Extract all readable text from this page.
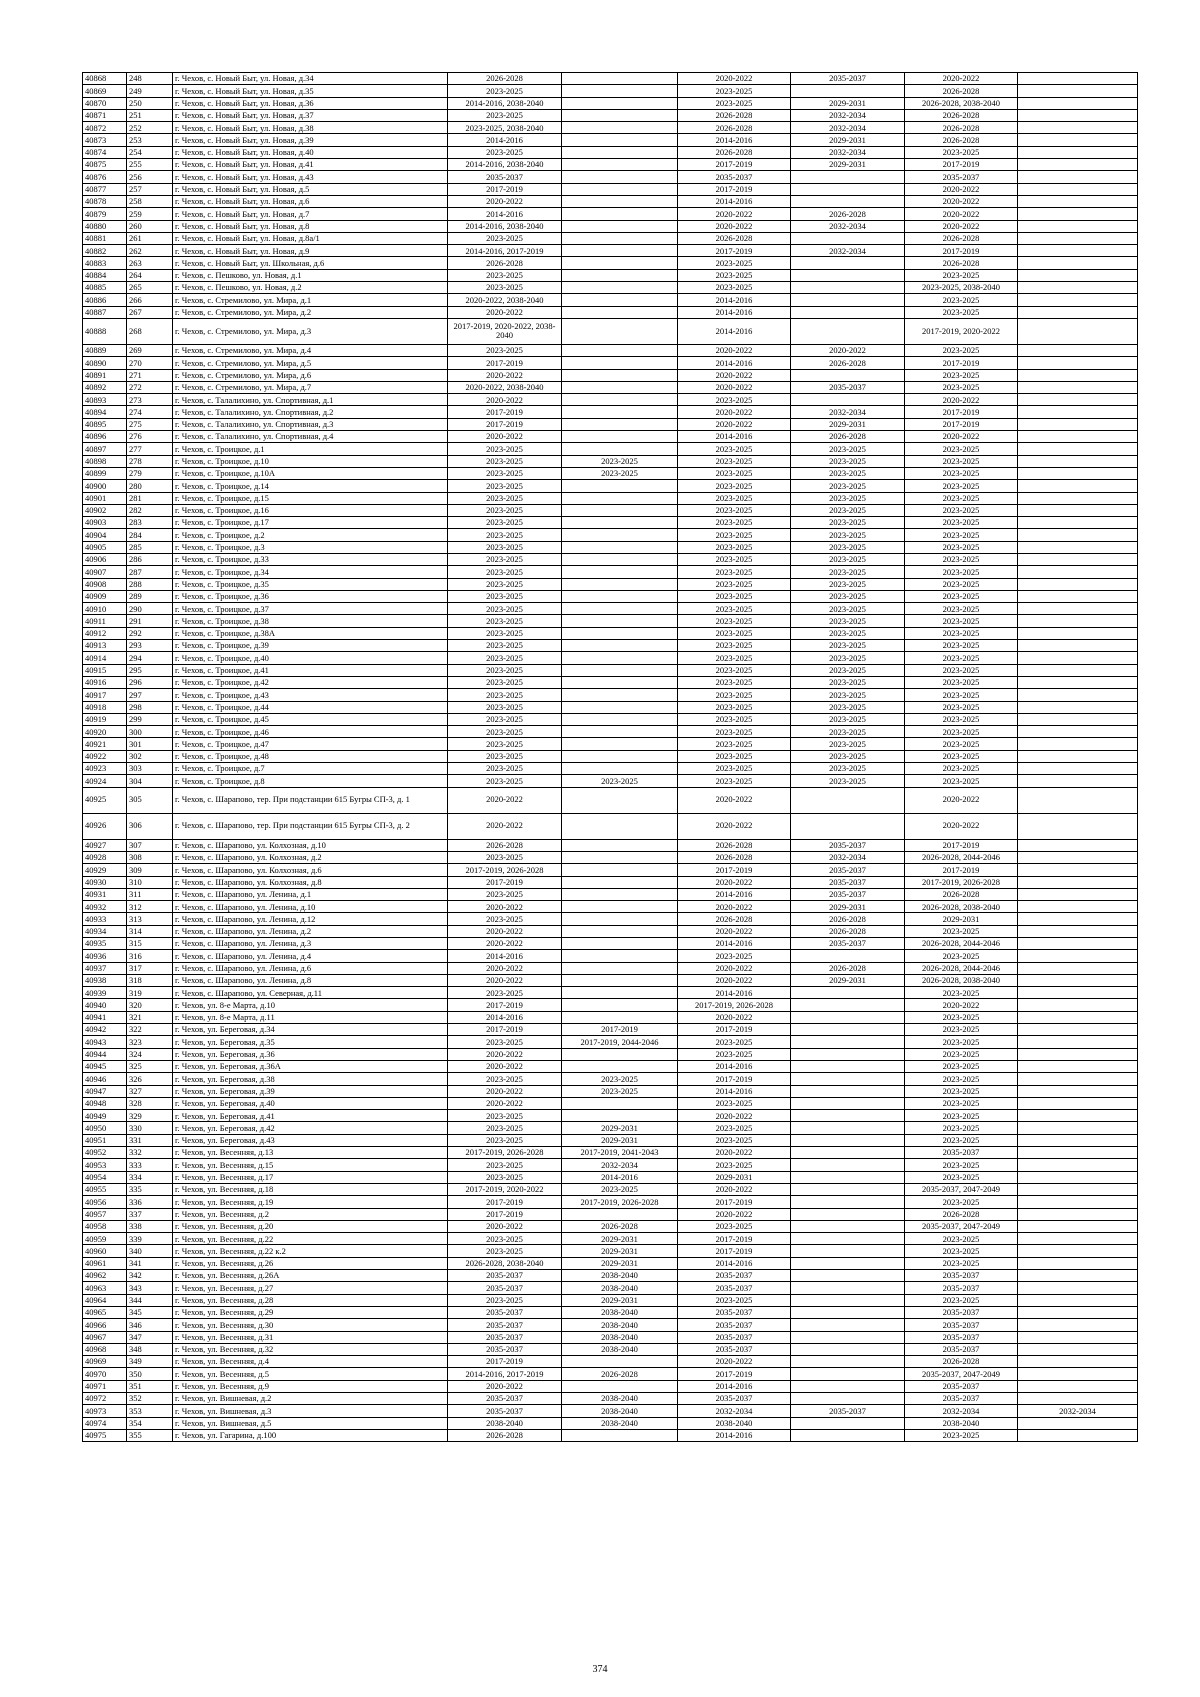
40868	248	г. Чехов, с. Новый Быт, ул. Новая, д.34	2026-2028		2020-2022	2035-2037	2020-2022	
40869	249	г. Чехов, с. Новый Быт, ул. Новая, д.35	2023-2025		2023-2025		2026-2028	
40870	250	г. Чехов, с. Новый Быт, ул. Новая, д.36	2014-2016, 2038-2040		2023-2025	2029-2031	2026-2028, 2038-2040	
40871	251	г. Чехов, с. Новый Быт, ул. Новая, д.37	2023-2025		2026-2028	2032-2034	2026-2028	
40872	252	г. Чехов, с. Новый Быт, ул. Новая, д.38	2023-2025, 2038-2040		2026-2028	2032-2034	2026-2028	
40873	253	г. Чехов, с. Новый Быт, ул. Новая, д.39	2014-2016		2014-2016	2029-2031	2026-2028	
40874	254	г. Чехов, с. Новый Быт, ул. Новая, д.40	2023-2025		2026-2028	2032-2034	2023-2025	
40875	255	г. Чехов, с. Новый Быт, ул. Новая, д.41	2014-2016, 2038-2040		2017-2019	2029-2031	2017-2019	
40876	256	г. Чехов, с. Новый Быт, ул. Новая, д.43	2035-2037		2035-2037		2035-2037	
40877	257	г. Чехов, с. Новый Быт, ул. Новая, д.5	2017-2019		2017-2019		2020-2022	
40878	258	г. Чехов, с. Новый Быт, ул. Новая, д.6	2020-2022		2014-2016		2020-2022	
40879	259	г. Чехов, с. Новый Быт, ул. Новая, д.7	2014-2016		2020-2022	2026-2028	2020-2022	
40880	260	г. Чехов, с. Новый Быт, ул. Новая, д.8	2014-2016, 2038-2040		2020-2022	2032-2034	2020-2022	
40881	261	г. Чехов, с. Новый Быт, ул. Новая, д.8а/1	2023-2025		2026-2028		2026-2028	
40882	262	г. Чехов, с. Новый Быт, ул. Новая, д.9	2014-2016, 2017-2019		2017-2019	2032-2034	2017-2019	
40883	263	г. Чехов, с. Новый Быт, ул. Школьная, д.6	2026-2028		2023-2025		2026-2028	
40884	264	г. Чехов, с. Пешково, ул. Новая, д.1	2023-2025		2023-2025		2023-2025	
40885	265	г. Чехов, с. Пешково, ул. Новая, д.2	2023-2025		2023-2025		2023-2025, 2038-2040	
40886	266	г. Чехов, с. Стремилово, ул. Мира, д.1	2020-2022, 2038-2040		2014-2016		2023-2025	
40887	267	г. Чехов, с. Стремилово, ул. Мира, д.2	2020-2022		2014-2016		2023-2025	
40888	268	г. Чехов, с. Стремилово, ул. Мира, д.3	2017-2019, 2020-2022, 2038-2040		2014-2016		2017-2019, 2020-2022	
40889	269	г. Чехов, с. Стремилово, ул. Мира, д.4	2023-2025		2020-2022	2020-2022	2023-2025	
40890	270	г. Чехов, с. Стремилово, ул. Мира, д.5	2017-2019		2014-2016	2026-2028	2017-2019	
40891	271	г. Чехов, с. Стремилово, ул. Мира, д.6	2020-2022		2020-2022		2023-2025	
40892	272	г. Чехов, с. Стремилово, ул. Мира, д.7	2020-2022, 2038-2040		2020-2022	2035-2037	2023-2025	
40893	273	г. Чехов, с. Талалихино, ул. Спортивная, д.1	2020-2022		2023-2025		2020-2022	
40894	274	г. Чехов, с. Талалихино, ул. Спортивная, д.2	2017-2019		2020-2022	2032-2034	2017-2019	
40895	275	г. Чехов, с. Талалихино, ул. Спортивная, д.3	2017-2019		2020-2022	2029-2031	2017-2019	
40896	276	г. Чехов, с. Талалихино, ул. Спортивная, д.4	2020-2022		2014-2016	2026-2028	2020-2022	
40897	277	г. Чехов, с. Троицкое, д.1	2023-2025		2023-2025	2023-2025	2023-2025	
40898	278	г. Чехов, с. Троицкое, д.10	2023-2025	2023-2025	2023-2025	2023-2025	2023-2025	
40899	279	г. Чехов, с. Троицкое, д.10А	2023-2025	2023-2025	2023-2025	2023-2025	2023-2025	
40900	280	г. Чехов, с. Троицкое, д.14	2023-2025		2023-2025	2023-2025	2023-2025	
40901	281	г. Чехов, с. Троицкое, д.15	2023-2025		2023-2025	2023-2025	2023-2025	
40902	282	г. Чехов, с. Троицкое, д.16	2023-2025		2023-2025	2023-2025	2023-2025	
40903	283	г. Чехов, с. Троицкое, д.17	2023-2025		2023-2025	2023-2025	2023-2025	
40904	284	г. Чехов, с. Троицкое, д.2	2023-2025		2023-2025	2023-2025	2023-2025	
40905	285	г. Чехов, с. Троицкое, д.3	2023-2025		2023-2025	2023-2025	2023-2025	
40906	286	г. Чехов, с. Троицкое, д.33	2023-2025		2023-2025	2023-2025	2023-2025	
40907	287	г. Чехов, с. Троицкое, д.34	2023-2025		2023-2025	2023-2025	2023-2025	
40908	288	г. Чехов, с. Троицкое, д.35	2023-2025		2023-2025	2023-2025	2023-2025	
40909	289	г. Чехов, с. Троицкое, д.36	2023-2025		2023-2025	2023-2025	2023-2025	
40910	290	г. Чехов, с. Троицкое, д.37	2023-2025		2023-2025	2023-2025	2023-2025	
40911	291	г. Чехов, с. Троицкое, д.38	2023-2025		2023-2025	2023-2025	2023-2025	
40912	292	г. Чехов, с. Троицкое, д.38А	2023-2025		2023-2025	2023-2025	2023-2025	
40913	293	г. Чехов, с. Троицкое, д.39	2023-2025		2023-2025	2023-2025	2023-2025	
40914	294	г. Чехов, с. Троицкое, д.40	2023-2025		2023-2025	2023-2025	2023-2025	
40915	295	г. Чехов, с. Троицкое, д.41	2023-2025		2023-2025	2023-2025	2023-2025	
40916	296	г. Чехов, с. Троицкое, д.42	2023-2025		2023-2025	2023-2025	2023-2025	
40917	297	г. Чехов, с. Троицкое, д.43	2023-2025		2023-2025	2023-2025	2023-2025	
40918	298	г. Чехов, с. Троицкое, д.44	2023-2025		2023-2025	2023-2025	2023-2025	
40919	299	г. Чехов, с. Троицкое, д.45	2023-2025		2023-2025	2023-2025	2023-2025	
40920	300	г. Чехов, с. Троицкое, д.46	2023-2025		2023-2025	2023-2025	2023-2025	
40921	301	г. Чехов, с. Троицкое, д.47	2023-2025		2023-2025	2023-2025	2023-2025	
40922	302	г. Чехов, с. Троицкое, д.48	2023-2025		2023-2025	2023-2025	2023-2025	
40923	303	г. Чехов, с. Троицкое, д.7	2023-2025		2023-2025	2023-2025	2023-2025	
40924	304	г. Чехов, с. Троицкое, д.8	2023-2025	2023-2025	2023-2025	2023-2025	2023-2025	
40925	305	г. Чехов, с. Шарапово, тер. При подстанции 615 Бугры СП-3, д. 1	2020-2022		2020-2022		2020-2022	
40926	306	г. Чехов, с. Шарапово, тер. При подстанции 615 Бугры СП-3, д. 2	2020-2022		2020-2022		2020-2022	
40927	307	г. Чехов, с. Шарапово, ул. Колхозная, д.10	2026-2028		2026-2028	2035-2037	2017-2019	
40928	308	г. Чехов, с. Шарапово, ул. Колхозная, д.2	2023-2025		2026-2028	2032-2034	2026-2028, 2044-2046	
40929	309	г. Чехов, с. Шарапово, ул. Колхозная, д.6	2017-2019, 2026-2028		2017-2019	2035-2037	2017-2019	
40930	310	г. Чехов, с. Шарапово, ул. Колхозная, д.8	2017-2019		2020-2022	2035-2037	2017-2019, 2026-2028	
40931	311	г. Чехов, с. Шарапово, ул. Ленина, д.1	2023-2025		2014-2016	2035-2037	2026-2028	
40932	312	г. Чехов, с. Шарапово, ул. Ленина, д.10	2020-2022		2020-2022	2029-2031	2026-2028, 2038-2040	
40933	313	г. Чехов, с. Шарапово, ул. Ленина, д.12	2023-2025		2026-2028	2026-2028	2029-2031	
40934	314	г. Чехов, с. Шарапово, ул. Ленина, д.2	2020-2022		2020-2022	2026-2028	2023-2025	
40935	315	г. Чехов, с. Шарапово, ул. Ленина, д.3	2020-2022		2014-2016	2035-2037	2026-2028, 2044-2046	
40936	316	г. Чехов, с. Шарапово, ул. Ленина, д.4	2014-2016		2023-2025		2023-2025	
40937	317	г. Чехов, с. Шарапово, ул. Ленина, д.6	2020-2022		2020-2022	2026-2028	2026-2028, 2044-2046	
40938	318	г. Чехов, с. Шарапово, ул. Ленина, д.8	2020-2022		2020-2022	2029-2031	2026-2028, 2038-2040	
40939	319	г. Чехов, с. Шарапово, ул. Северная, д.11	2023-2025		2014-2016		2023-2025	
40940	320	г. Чехов, ул. 8-е Марта, д.10	2017-2019		2017-2019, 2026-2028		2020-2022	
40941	321	г. Чехов, ул. 8-е Марта, д.11	2014-2016		2020-2022		2023-2025	
40942	322	г. Чехов, ул. Береговая, д.34	2017-2019	2017-2019	2017-2019		2023-2025	
40943	323	г. Чехов, ул. Береговая, д.35	2023-2025	2017-2019, 2044-2046	2023-2025		2023-2025	
40944	324	г. Чехов, ул. Береговая, д.36	2020-2022		2023-2025		2023-2025	
40945	325	г. Чехов, ул. Береговая, д.36А	2020-2022		2014-2016		2023-2025	
40946	326	г. Чехов, ул. Береговая, д.38	2023-2025	2023-2025	2017-2019		2023-2025	
40947	327	г. Чехов, ул. Береговая, д.39	2020-2022	2023-2025	2014-2016		2023-2025	
40948	328	г. Чехов, ул. Береговая, д.40	2020-2022		2023-2025		2023-2025	
40949	329	г. Чехов, ул. Береговая, д.41	2023-2025		2020-2022		2023-2025	
40950	330	г. Чехов, ул. Береговая, д.42	2023-2025	2029-2031	2023-2025		2023-2025	
40951	331	г. Чехов, ул. Береговая, д.43	2023-2025	2029-2031	2023-2025		2023-2025	
40952	332	г. Чехов, ул. Весенняя, д.13	2017-2019, 2026-2028	2017-2019, 2041-2043	2020-2022		2035-2037	
40953	333	г. Чехов, ул. Весенняя, д.15	2023-2025	2032-2034	2023-2025		2023-2025	
40954	334	г. Чехов, ул. Весенняя, д.17	2023-2025	2014-2016	2029-2031		2023-2025	
40955	335	г. Чехов, ул. Весенняя, д.18	2017-2019, 2020-2022	2023-2025	2020-2022		2035-2037, 2047-2049	
40956	336	г. Чехов, ул. Весенняя, д.19	2017-2019	2017-2019, 2026-2028	2017-2019		2023-2025	
40957	337	г. Чехов, ул. Весенняя, д.2	2017-2019		2020-2022		2026-2028	
40958	338	г. Чехов, ул. Весенняя, д.20	2020-2022	2026-2028	2023-2025		2035-2037, 2047-2049	
40959	339	г. Чехов, ул. Весенняя, д.22	2023-2025	2029-2031	2017-2019		2023-2025	
40960	340	г. Чехов, ул. Весенняя, д.22 к.2	2023-2025	2029-2031	2017-2019		2023-2025	
40961	341	г. Чехов, ул. Весенняя, д.26	2026-2028, 2038-2040	2029-2031	2014-2016		2023-2025	
40962	342	г. Чехов, ул. Весенняя, д.26А	2035-2037	2038-2040	2035-2037		2035-2037	
40963	343	г. Чехов, ул. Весенняя, д.27	2035-2037	2038-2040	2035-2037		2035-2037	
40964	344	г. Чехов, ул. Весенняя, д.28	2023-2025	2029-2031	2023-2025		2023-2025	
40965	345	г. Чехов, ул. Весенняя, д.29	2035-2037	2038-2040	2035-2037		2035-2037	
40966	346	г. Чехов, ул. Весенняя, д.30	2035-2037	2038-2040	2035-2037		2035-2037	
40967	347	г. Чехов, ул. Весенняя, д.31	2035-2037	2038-2040	2035-2037		2035-2037	
40968	348	г. Чехов, ул. Весенняя, д.32	2035-2037	2038-2040	2035-2037		2035-2037	
40969	349	г. Чехов, ул. Весенняя, д.4	2017-2019		2020-2022		2026-2028	
40970	350	г. Чехов, ул. Весенняя, д.5	2014-2016, 2017-2019	2026-2028	2017-2019		2035-2037, 2047-2049	
40971	351	г. Чехов, ул. Весенняя, д.9	2020-2022		2014-2016		2035-2037	
40972	352	г. Чехов, ул. Вишневая, д.2	2035-2037	2038-2040	2035-2037		2035-2037	
40973	353	г. Чехов, ул. Вишневая, д.3	2035-2037	2038-2040	2032-2034	2035-2037	2032-2034	2032-2034
40974	354	г. Чехов, ул. Вишневая, д.5	2038-2040	2038-2040	2038-2040		2038-2040	
40975	355	г. Чехов, ул. Гагарина, д.100	2026-2028		2014-2016		2023-2025	
374
